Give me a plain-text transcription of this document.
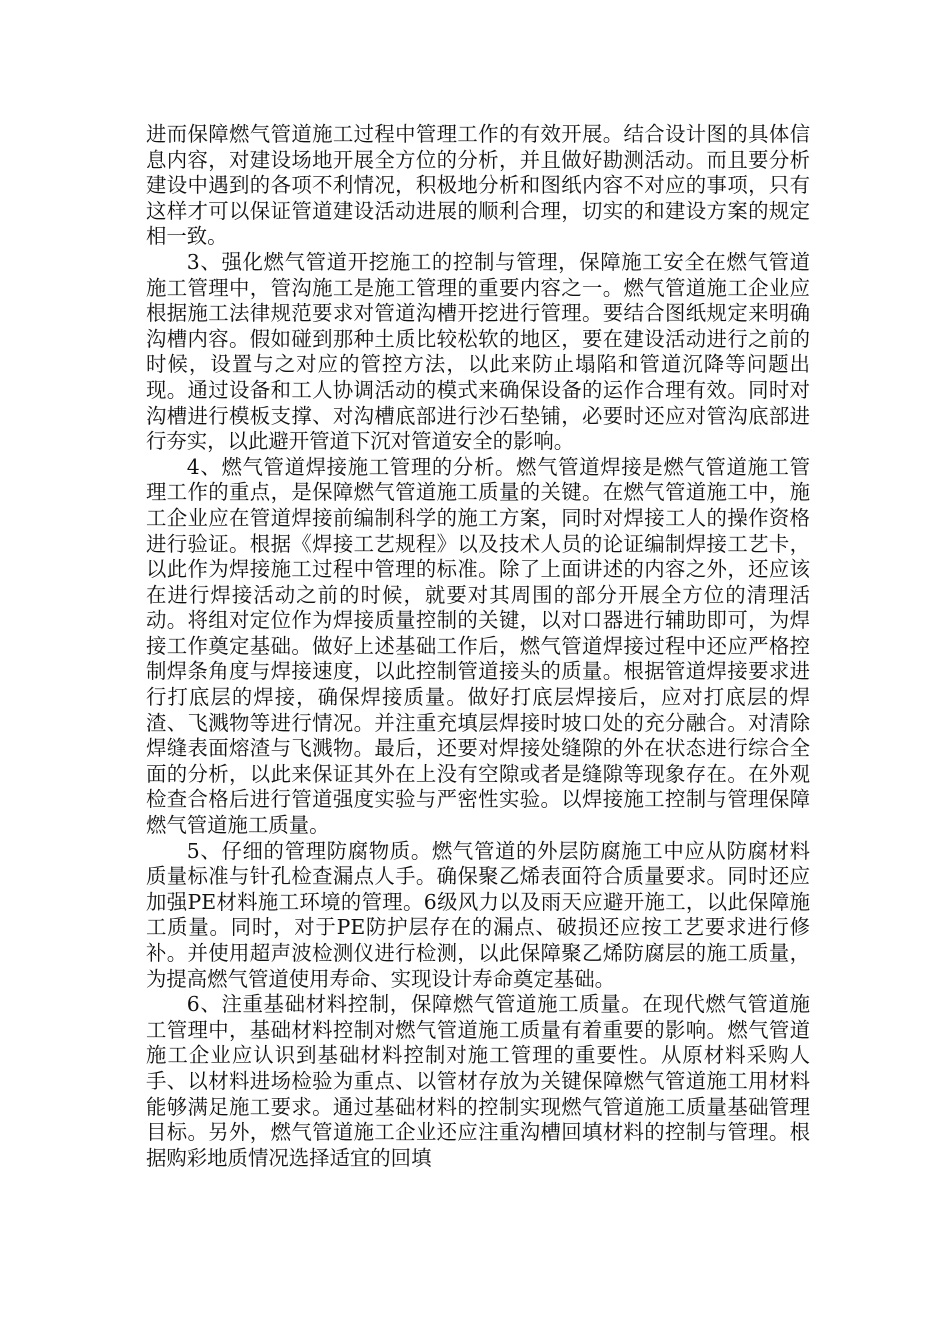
进而保障燃气管道施工过程中管理工作的有效开展。结合设计图的具体信息内容，对建设场地开展全方位的分析，并且做好勘测活动。而且要分析建设中遇到的各项不利情况，积极地分析和图纸内容不对应的事项，只有这样才可以保证管道建设活动进展的顺利合理，切实的和建设方案的规定相一致。

3、强化燃气管道开挖施工的控制与管理，保障施工安全在燃气管道施工管理中，管沟施工是施工管理的重要内容之一。燃气管道施工企业应根据施工法律规范要求对管道沟槽开挖进行管理。要结合图纸规定来明确沟槽内容。假如碰到那种土质比较松软的地区，要在建设活动进行之前的时候，设置与之对应的管控方法，以此来防止塌陷和管道沉降等问题出现。通过设备和工人协调活动的模式来确保设备的运作合理有效。同时对沟槽进行模板支撑、对沟槽底部进行沙石垫铺，必要时还应对管沟底部进行夯实，以此避开管道下沉对管道安全的影响。

4、燃气管道焊接施工管理的分析。燃气管道焊接是燃气管道施工管理工作的重点，是保障燃气管道施工质量的关键。在燃气管道施工中，施工企业应在管道焊接前编制科学的施工方案，同时对焊接工人的操作资格进行验证。根据《焊接工艺规程》以及技术人员的论证编制焊接工艺卡，以此作为焊接施工过程中管理的标准。除了上面讲述的内容之外，还应该在进行焊接活动之前的时候，就要对其周围的部分开展全方位的清理活动。将组对定位作为焊接质量控制的关键，以对口器进行辅助即可，为焊接工作奠定基础。做好上述基础工作后，燃气管道焊接过程中还应严格控制焊条角度与焊接速度，以此控制管道接头的质量。根据管道焊接要求进行打底层的焊接，确保焊接质量。做好打底层焊接后，应对打底层的焊渣、飞溅物等进行情况。并注重充填层焊接时坡口处的充分融合。对清除焊缝表面熔渣与飞溅物。最后，还要对焊接处缝隙的外在状态进行综合全面的分析，以此来保证其外在上没有空隙或者是缝隙等现象存在。在外观检查合格后进行管道强度实验与严密性实验。以焊接施工控制与管理保障燃气管道施工质量。

5、仔细的管理防腐物质。燃气管道的外层防腐施工中应从防腐材料质量标准与针孔检查漏点人手。确保聚乙烯表面符合质量要求。同时还应加强PE材料施工环境的管理。6级风力以及雨天应避开施工，以此保障施工质量。同时，对于PE防护层存在的漏点、破损还应按工艺要求进行修补。并使用超声波检测仪进行检测，以此保障聚乙烯防腐层的施工质量，为提高燃气管道使用寿命、实现设计寿命奠定基础。

6、注重基础材料控制，保障燃气管道施工质量。在现代燃气管道施工管理中，基础材料控制对燃气管道施工质量有着重要的影响。燃气管道施工企业应认识到基础材料控制对施工管理的重要性。从原材料采购人手、以材料进场检验为重点、以管材存放为关键保障燃气管道施工用材料能够满足施工要求。通过基础材料的控制实现燃气管道施工质量基础管理目标。另外，燃气管道施工企业还应注重沟槽回填材料的控制与管理。根据购彩地质情况选择适宜的回填
